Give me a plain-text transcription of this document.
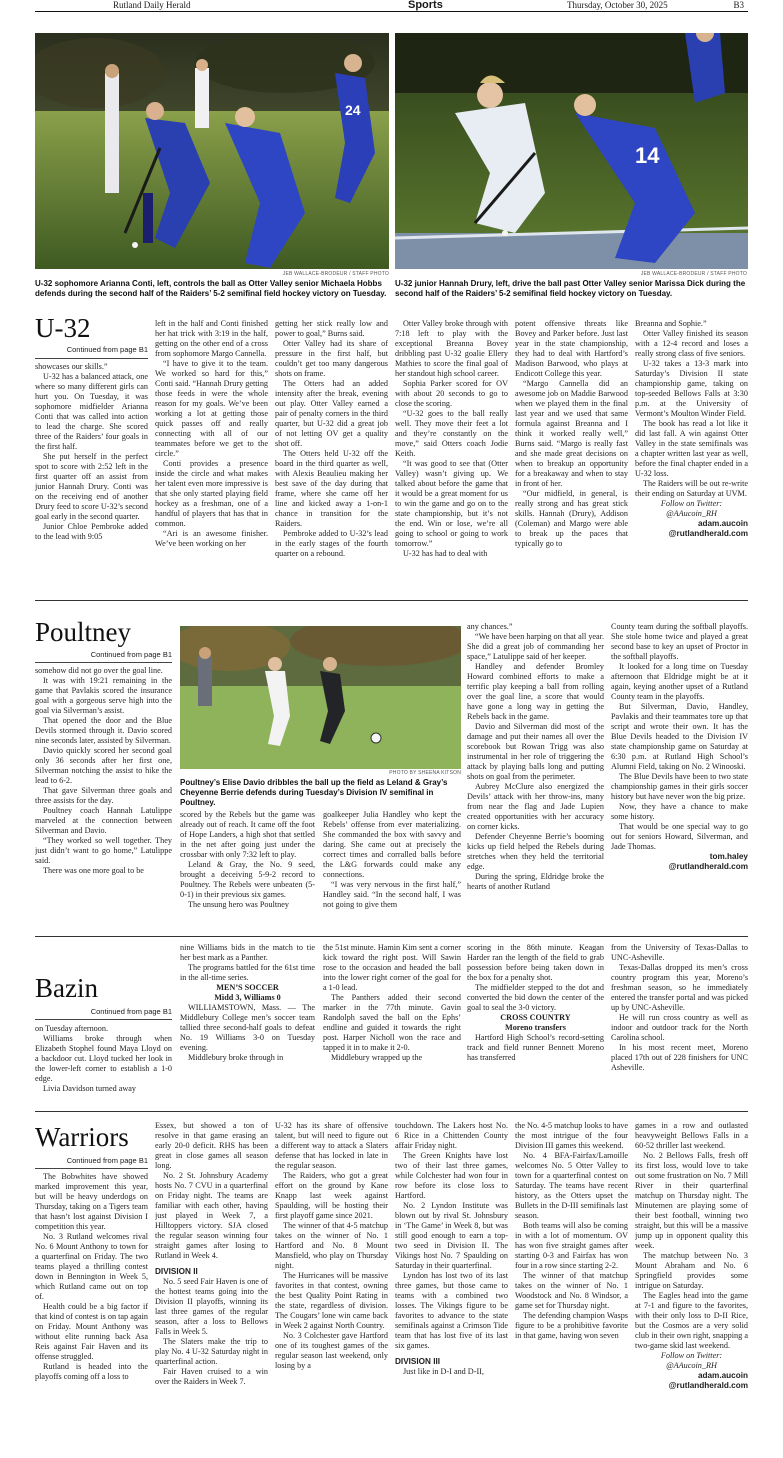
Rutland Daily Herald	Sports	Thursday, October 30, 2025	B3
24
JEB WALLACE-BRODEUR / STAFF PHOTO
U-32 sophomore Arianna Conti, left, controls the ball as Otter Valley senior Michaela Hobbs defends during the second half of the Raiders’ 5-2 semifinal field hockey victory on Tuesday.
14
JEB WALLACE-BRODEUR / STAFF PHOTO
U-32 junior Hannah Drury, left, drive the ball past Otter Valley senior Marissa Dick during the second half of the Raiders’ 5-2 semifinal field hockey victory on Tuesday.
U-32
Continued from page B1

showcases our skills.”

U-32 has a balanced attack, one where so many different girls can hurt you. On Tuesday, it was sophomore midfielder Arianna Conti that was called into action to lead the charge. She scored three of the Raiders’ four goals in the first half.

She put herself in the perfect spot to score with 2:52 left in the first quarter off an assist from junior Hannah Drury. Conti was on the receiving end of another Drury feed to score U-32’s second goal early in the second quarter.

Junior Chloe Pembroke added to the lead with 9:05

left in the half and Conti finished her hat trick with 3:19 in the half, getting on the other end of a cross from sophomore Margo Cannella.

“I have to give it to the team. We worked so hard for this,” Conti said. “Hannah Drury getting those feeds in were the whole reason for my goals. We’ve been working a lot at getting those quick passes off and really connecting with all of our teammates before we get to the circle.”

Conti provides a presence inside the circle and what makes her talent even more impressive is that she only started playing field hockey as a freshman, one of a handful of players that has that in common.

“Ari is an awesome finisher. We’ve been working on her

getting her stick really low and power to goal,” Burns said.

Otter Valley had its share of pressure in the first half, but couldn’t get too many dangerous shots on frame.

The Otters had an added intensity after the break, evening out play. Otter Valley earned a pair of penalty corners in the third quarter, but U-32 did a great job of not letting OV get a quality shot off.

The Otters held U-32 off the board in the third quarter as well, with Alexis Beaulieu making her best save of the day during that frame, where she came off her line and kicked away a 1-on-1 chance in transition for the Raiders.

Pembroke added to U-32’s lead in the early stages of the fourth quarter on a rebound.

Otter Valley broke through with 7:18 left to play with the exceptional Breanna Bovey dribbling past U-32 goalie Ellery Mathies to score the final goal of her standout high school career.

Sophia Parker scored for OV with about 20 seconds to go to close the scoring.

“U-32 goes to the ball really well. They move their feet a lot and they’re constantly on the move,” said Otters coach Jodie Keith.

“It was good to see that (Otter Valley) wasn’t giving up. We talked about before the game that it would be a great moment for us to win the game and go on to the state championship, but it’s not the end. Win or lose, we’re all going to school or going to work tomorrow.”

U-32 has had to deal with

potent offensive threats like Bovey and Parker before. Just last year in the state championship, they had to deal with Hartford’s Madison Barwood, who plays at Endicott College this year.

“Margo Cannella did an awesome job on Maddie Barwood when we played them in the final last year and we used that same formula against Breanna and I think it worked really well,” Burns said. “Margo is really fast and she made great decisions on when to breakup an opportunity for a breakaway and when to stay in front of her.

“Our midfield, in general, is really strong and has great stick skills. Hannah (Drury), Addison (Coleman) and Margo were able to break up the paces that typically go to

Breanna and Sophie.”

Otter Valley finished its season with a 12-4 record and loses a really strong class of five seniors.

U-32 takes a 13-3 mark into Saturday’s Division II state championship game, taking on top-seeded Bellows Falls at 3:30 p.m. at the University of Vermont’s Moulton Winder Field.

The book has read a lot like it did last fall. A win against Otter Valley in the state semifinals was a chapter written last year as well, before the final chapter ended in a U-32 loss.

The Raiders will be out re-write their ending on Saturday at UVM.

Follow on Twitter: @AAucoin_RH

adam.aucoin

@rutlandherald.com

Poultney
Continued from page B1
PHOTO BY SHEENA KITSON
Poultney’s Elise Davio dribbles the ball up the field as Leland & Gray’s Cheyenne Berrie defends during Tuesday’s Division IV semifinal in Poultney.

somehow did not go over the goal line.

It was with 19:21 remaining in the game that Pavlakis scored the insurance goal with a gorgeous serve high into the goal via Silverman’s assist.

That opened the door and the Blue Devils stormed through it. Davio scored nine seconds later, assisted by Silverman.

Davio quickly scored her second goal only 36 seconds after her first one, Silverman notching the assist to hike the lead to 6-2.

That gave Silverman three goals and three assists for the day.

Poultney coach Hannah Latulippe marveled at the connection between Silverman and Davio.

“They worked so well together. They just didn’t want to go home,” Latulippe said.

There was one more goal to be

scored by the Rebels but the game was already out of reach. It came off the foot of Hope Landers, a high shot that settled in the net after going just under the crossbar with only 7:32 left to play.

Leland & Gray, the No. 9 seed, brought a deceiving 5-9-2 record to Poultney. The Rebels were unbeaten (5-0-1) in their previous six games.

The unsung hero was Poultney

goalkeeper Julia Handley who kept the Rebels’ offense from ever materializing. She commanded the box with savvy and daring. She came out at precisely the correct times and corralled balls before the L&G forwards could make any connections.

“I was very nervous in the first half,” Handley said. “In the second half, I was not going to give them

any chances.”

“We have been harping on that all year. She did a great job of commanding her space,” Latulippe said of her keeper.

Handley and defender Bromley Howard combined efforts to make a terrific play keeping a ball from rolling over the goal line, a score that would have gone a long way in getting the Rebels back in the game.

Davio and Silverman did most of the damage and put their names all over the scorebook but Rowan Trigg was also instrumental in her role of triggering the attack by playing balls long and putting shots on goal from the perimeter.

Aubrey McClure also energized the Devils’ attack with her throw-ins, many from near the flag and Jade Lupien created opportunities with her accuracy on corner kicks.

Defender Cheyenne Berrie’s booming kicks up field helped the Rebels during stretches when they held the territorial edge.

During the spring, Eldridge broke the hearts of another Rutland

County team during the softball playoffs. She stole home twice and played a great second base to key an upset of Proctor in the softball playoffs.

It looked for a long time on Tuesday afternoon that Eldridge might be at it again, keying another upset of a Rutland County team in the playoffs.

But Silverman, Davio, Handley, Pavlakis and their teammates tore up that script and wrote their own. It has the Blue Devils headed to the Division IV state championship game on Saturday at 6:30 p.m. at Rutland High School’s Alumni Field, taking on No. 2 Winooski.

The Blue Devils have been to two state championship games in their girls soccer history but have never won the big prize.

Now, they have a chance to make some history.

That would be one special way to go out for seniors Howard, Silverman, and Jade Thomas.

tom.haley

@rutlandherald.com

Bazin
Continued from page B1

on Tuesday afternoon.

Williams broke through when Elizabeth Stophel found Maya Lloyd on a backdoor cut. Lloyd tucked her look in the lower-left corner to establish a 1-0 edge.

Livia Davidson turned away

nine Williams bids in the match to tie her best mark as a Panther.

The programs battled for the 61st time in the all-time series.

MEN’S SOCCER

Midd 3, Williams 0

WILLIAMSTOWN, Mass. — The Middlebury College men’s soccer team tallied three second-half goals to defeat No. 19 Williams 3-0 on Tuesday evening.

Middlebury broke through in

the 51st minute. Hamin Kim sent a corner kick toward the right post. Will Sawin rose to the occasion and headed the ball into the lower right corner of the goal for a 1-0 lead.

The Panthers added their second marker in the 77th minute. Gavin Randolph saved the ball on the Ephs’ endline and guided it towards the right post. Harper Nicholl won the race and tapped it in to make it 2-0.

Middlebury wrapped up the

scoring in the 86th minute. Keagan Harder ran the length of the field to grab possession before being taken down in the box for a penalty shot.

The midfielder stepped to the dot and converted the bid down the center of the goal to seal the 3-0 victory.

CROSS COUNTRY

Moreno transfers

Hartford High School’s record-setting track and field runner Bennett Moreno has transferred

from the University of Texas-Dallas to UNC-Asheville.

Texas-Dallas dropped its men’s cross country program this year, Moreno’s freshman season, so he immediately entered the transfer portal and was picked up by UNC-Asheville.

He will run cross country as well as indoor and outdoor track for the North Carolina school.

In his most recent meet, Moreno placed 17th out of 228 finishers for UNC Asheville.

Warriors
Continued from page B1

The Bobwhites have showed marked improvement this year, but will be heavy underdogs on Thursday, taking on a Tigers team that hasn’t lost against Division I competition this year.

No. 3 Rutland welcomes rival No. 6 Mount Anthony to town for a quarterfinal on Friday. The two teams played a thrilling contest down in Bennington in Week 5, which Rutland came out on top of.

Health could be a big factor if that kind of contest is on tap again on Friday. Mount Anthony was without elite running back Asa Reis against Fair Haven and its offense struggled.

Rutland is headed into the playoffs coming off a loss to

Essex, but showed a ton of resolve in that game erasing an early 20-0 deficit. RHS has been great in close games all season long.

No. 2 St. Johnsbury Academy hosts No. 7 CVU in a quarterfinal on Friday night. The teams are familiar with each other, having just played in Week 7, a Hilltoppers victory. SJA closed the regular season winning four straight games after losing to Rutland in Week 4.

DIVISION II

No. 5 seed Fair Haven is one of the hottest teams going into the Division II playoffs, winning its last three games of the regular season, after a loss to Bellows Falls in Week 5.

The Slaters make the trip to play No. 4 U-32 Saturday night in quarterfinal action.

Fair Haven cruised to a win over the Raiders in Week 7.

U-32 has its share of offensive talent, but will need to figure out a different way to attack a Slaters defense that has locked in late in the regular season.

The Raiders, who got a great effort on the ground by Kane Knapp last week against Spaulding, will be hosting their first playoff game since 2021.

The winner of that 4-5 matchup takes on the winner of No. 1 Hartford and No. 8 Mount Mansfield, who play on Thursday night.

The Hurricanes will be massive favorites in that contest, owning the best Quality Point Rating in the state, regardless of division. The Cougars’ lone win came back in Week 2 against North Country.

No. 3 Colchester gave Hartford one of its toughest games of the regular season last weekend, only losing by a

touchdown. The Lakers host No. 6 Rice in a Chittenden County affair Friday night.

The Green Knights have lost two of their last three games, while Colchester had won four in row before its close loss to Hartford.

No. 2 Lyndon Institute was blown out by rival St. Johnsbury in ‘The Game’ in Week 8, but was still good enough to earn a top-two seed in Division II. The Vikings host No. 7 Spaulding on Saturday in their quarterfinal.

Lyndon has lost two of its last three games, but those came to teams with a combined two losses. The Vikings figure to be favorites to advance to the state semifinals against a Crimson Tide team that has lost five of its last six games.

DIVISION III

Just like in D-I and D-II,

the No. 4-5 matchup looks to have the most intrigue of the four Division III games this weekend.

No. 4 BFA-Fairfax/Lamoille welcomes No. 5 Otter Valley to town for a quarterfinal contest on Saturday. The teams have recent history, as the Otters upset the Bullets in the D-III semifinals last season.

Both teams will also be coming in with a lot of momentum. OV has won five straight games after starting 0-3 and Fairfax has won four in a row since starting 2-2.

The winner of that matchup takes on the winner of No. 1 Woodstock and No. 8 Windsor, a game set for Thursday night.

The defending champion Wasps figure to be a prohibitive favorite in that game, having won seven

games in a row and outlasted heavyweight Bellows Falls in a 60-52 thriller last weekend.

No. 2 Bellows Falls, fresh off its first loss, would love to take out some frustration on No. 7 Mill River in their quarterfinal matchup on Thursday night. The Minutemen are playing some of their best football, winning two straight, but this will be a massive jump up in opponent quality this week.

The matchup between No. 3 Mount Abraham and No. 6 Springfield provides some intrigue on Saturday.

The Eagles head into the game at 7-1 and figure to the favorites, with their only loss to D-II Rice, but the Cosmos are a very solid club in their own right, snapping a two-game skid last weekend.

Follow on Twitter: @AAucoin_RH

adam.aucoin

@rutlandherald.com
